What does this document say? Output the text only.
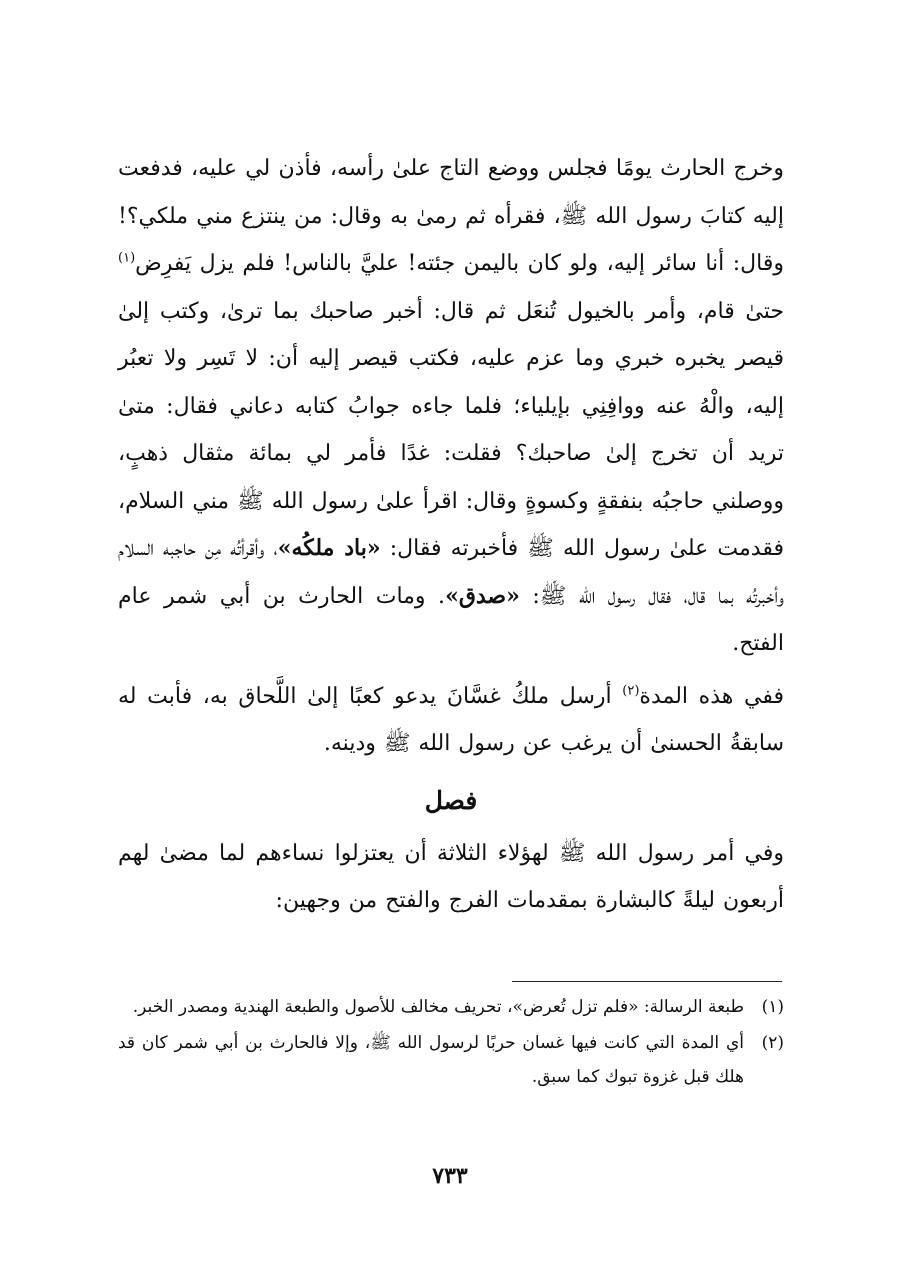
وخرج الحارث يومًا فجلس ووضع التاج علىٰ رأسه، فأذن لي عليه، فدفعت إليه كتابَ رسول الله ﷺ، فقرأه ثم رمىٰ به وقال: من ينتزع مني ملكي؟! وقال: أنا سائر إليه، ولو كان باليمن جئته! عليَّ بالناس! فلم يزل يَفرِض$^{(١)}$ حتىٰ قام، وأمر بالخيول تُنعَل ثم قال: أخبر صاحبك بما ترىٰ، وكتب إلىٰ قيصر يخبره خبري وما عزم عليه، فكتب قيصر إليه أن: لا تَسِر ولا تعبُر إليه، والْهُ عنه ووافِنِي بإيلياء؛ فلما جاءه جوابُ كتابه دعاني فقال: متىٰ تريد أن تخرج إلىٰ صاحبك؟ فقلت: غدًا فأمر لي بمائة مثقال ذهبٍ، ووصلني حاجبُه بنفقةٍ وكسوةٍ وقال: اقرأ علىٰ رسول الله ﷺ مني السلام، فقدمت علىٰ رسول الله ﷺ فأخبرته فقال: «باد ملكُه»، وأقرأتُه مِن حاجبه السلام وأخبرتُه بما قال، فقال رسول الله ﷺ: «صدق». ومات الحارث بن أبي شمر عام الفتح.

ففي هذه المدة$^{(٢)}$ أرسل ملكُ غسَّانَ يدعو كعبًا إلىٰ اللَّحاق به، فأبت له سابقةُ الحسنىٰ أن يرغب عن رسول الله ﷺ ودينه.

فصل

وفي أمر رسول الله ﷺ لهؤلاء الثلاثة أن يعتزلوا نساءهم لما مضىٰ لهم أربعون ليلةً كالبشارة بمقدمات الفرج والفتح من وجهين:

(١)
طبعة الرسالة: «فلم تزل تُعرض»، تحريف مخالف للأصول والطبعة الهندية ومصدر الخبر.
(٢)
أي المدة التي كانت فيها غسان حربًا لرسول الله ﷺ، وإلا فالحارث بن أبي شمر كان قد هلك قبل غزوة تبوك كما سبق.
٧٣٣
